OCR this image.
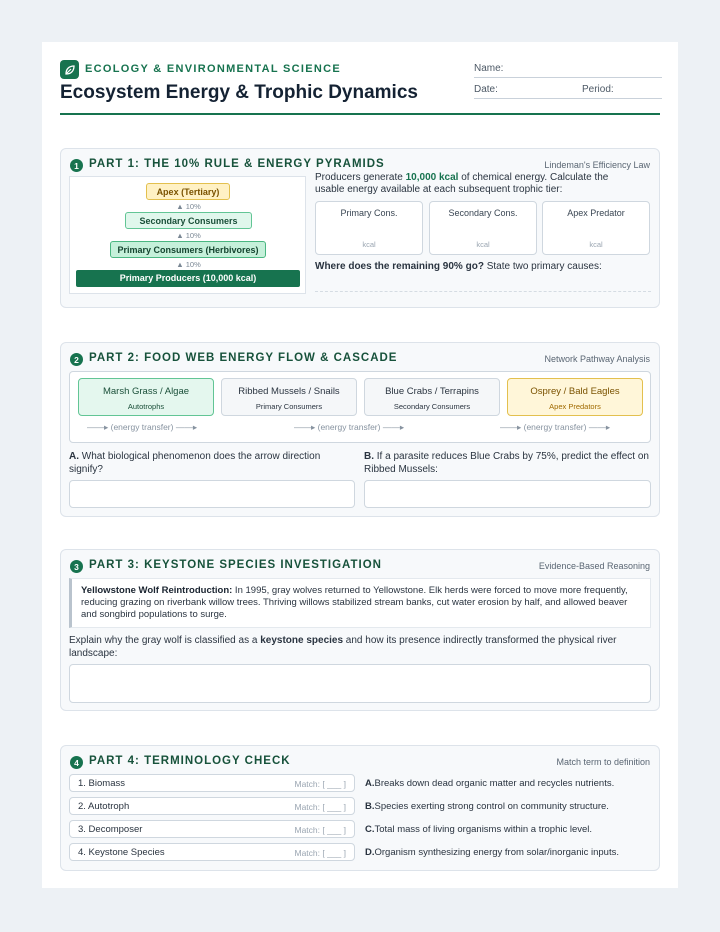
ECOLOGY & ENVIRONMENTAL SCIENCE
Ecosystem Energy & Trophic Dynamics
Name:
Date:	Period:
1 PART 1: THE 10% RULE & ENERGY PYRAMIDS	Lindeman's Efficiency Law
Apex (Tertiary)
▲ 10%
Secondary Consumers
▲ 10%
Primary Consumers (Herbivores)
▲ 10%
Primary Producers (10,000 kcal)
Producers generate 10,000 kcal of chemical energy. Calculate the usable energy available at each subsequent trophic tier:
Primary Cons.
kcal
Secondary Cons.
kcal
Apex Predator
kcal
Where does the remaining 90% go? State two primary causes:
2 PART 2: FOOD WEB ENERGY FLOW & CASCADE	Network Pathway Analysis
Marsh Grass / Algae
Autotrophs
Ribbed Mussels / Snails
Primary Consumers
Blue Crabs / Terrapins
Secondary Consumers
Osprey / Bald Eagles
Apex Predators
——▸ (energy transfer) ——▸	——▸ (energy transfer) ——▸	——▸ (energy transfer) ——▸
A. What biological phenomenon does the arrow direction signify?
B. If a parasite reduces Blue Crabs by 75%, predict the effect on Ribbed Mussels:
3 PART 3: KEYSTONE SPECIES INVESTIGATION	Evidence-Based Reasoning
Yellowstone Wolf Reintroduction: In 1995, gray wolves returned to Yellowstone. Elk herds were forced to move more frequently, reducing grazing on riverbank willow trees. Thriving willows stabilized stream banks, cut water erosion by half, and allowed beaver and songbird populations to surge.
Explain why the gray wolf is classified as a keystone species and how its presence indirectly transformed the physical river landscape:
4 PART 4: TERMINOLOGY CHECK	Match term to definition
1. Biomass	Match: [ ___ ]
2. Autotroph	Match: [ ___ ]
3. Decomposer	Match: [ ___ ]
4. Keystone Species	Match: [ ___ ]
A.Breaks down dead organic matter and recycles nutrients.
B.Species exerting strong control on community structure.
C.Total mass of living organisms within a trophic level.
D.Organism synthesizing energy from solar/inorganic inputs.
